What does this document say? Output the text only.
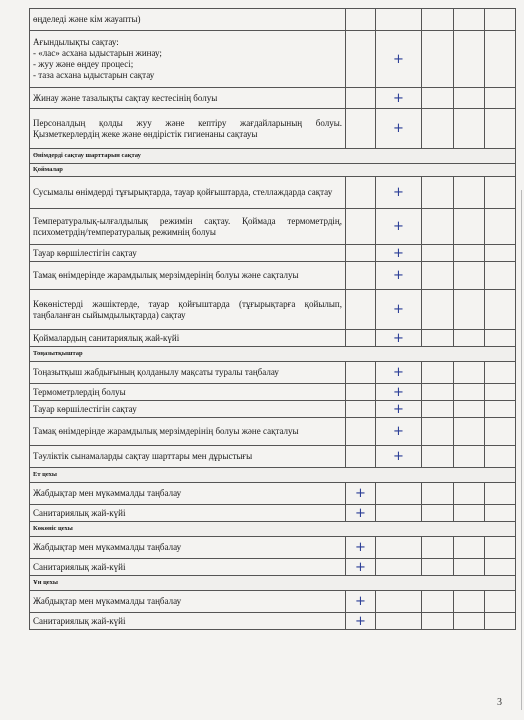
өңделеді және кім жауапты)					
Ағындылықты сақтау:
- «лас» асхана ыдыстарын жинау;
- жуу және өңдеу процесі;
- таза асхана ыдыстарын сақтау		+			

Жинау және тазалықты сақтау кестесінің болуы		+			

Персоналдың қолды жуу және кептіру жағдайларының болуы. Қызметкерлердің жеке және өндірістік гигиенаны сақтауы		+			

Өнімдерді сақтау шарттарын сақтау					
Қоймалар					
Сусымалы өнімдерді тұғырықтарда, тауар қойғыштарда, стеллаждарда сақтау		+			

Температуралық-ылғалдылық режимін сақтау. Қоймада термометрдің, психометрдің/температуралық режимнің болуы		+			

Тауар көршілестігін сақтау		+			

Тамақ өнімдерінде жарамдылық мерзімдерінің болуы және сақталуы		+			

Көкөністерді жәшіктерде, тауар қойғыштарда (тұғырықтарға қойылып, таңбаланған сыйымдылықтарда) сақтау		+			

Қоймалардың санитариялық жай-күйі		+			

Тоңазытқыштар					
Тоңазытқыш жабдығының қолданылу мақсаты туралы таңбалау		+			

Термометрлердің болуы		+			

Тауар көршілестігін сақтау		+			

Тамақ өнімдерінде жарамдылық мерзімдерінің болуы және сақталуы		+			

Тәуліктік сынамаларды сақтау шарттары мен дұрыстығы		+			

Ет цехы					
Жабдықтар мен мүкәммалды таңбалау	+				

Санитариялық жай-күйі	+				

Көкөніс цехы					
Жабдықтар мен мүкәммалды таңбалау	+				

Санитариялық жай-күйі	+				

Ұн цехы					
Жабдықтар мен мүкәммалды таңбалау	+				

Санитариялық жай-күйі	+				

3
